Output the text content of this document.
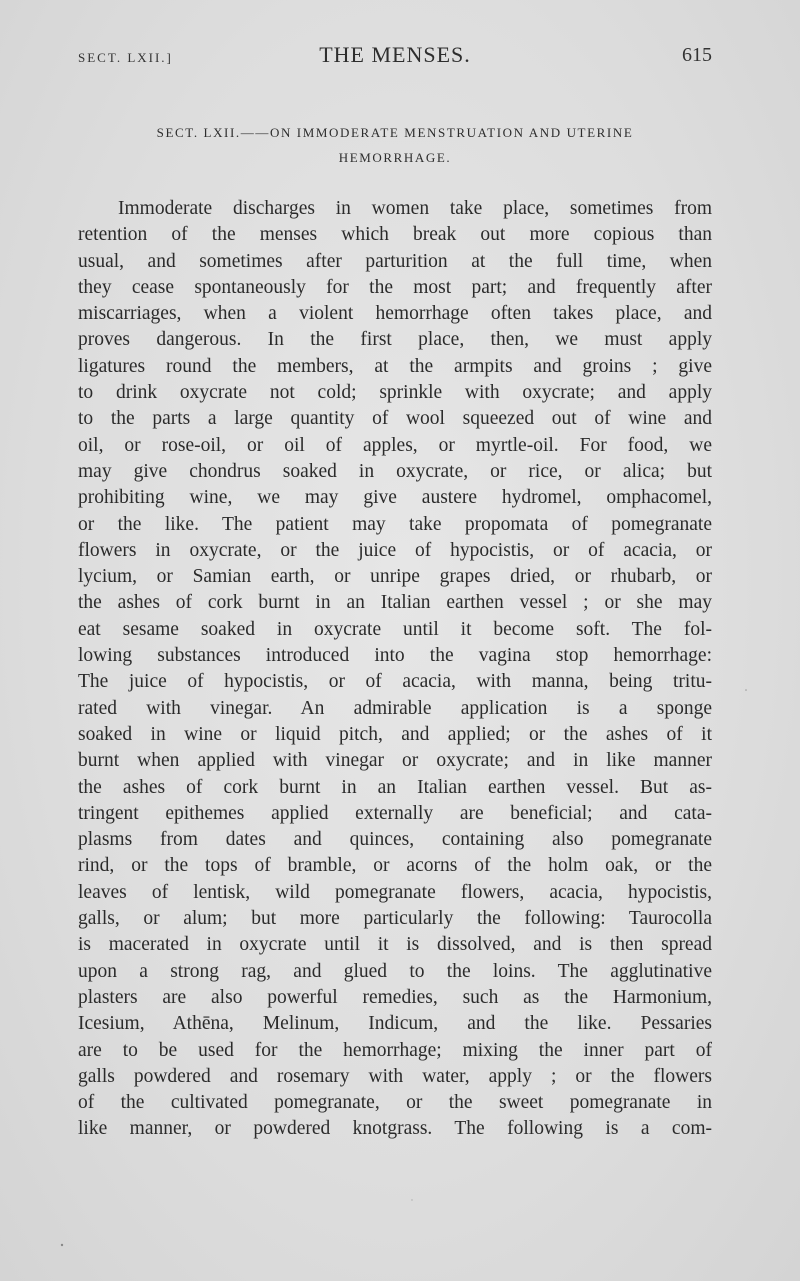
SECT. LXII.]	THE MENSES.	615
SECT. LXII.——ON IMMODERATE MENSTRUATION AND UTERINE
HEMORRHAGE.
Immoderate discharges in women take place, sometimes from
retention of the menses which break out more copious than
usual, and sometimes after parturition at the full time, when
they cease spontaneously for the most part; and frequently after
miscarriages, when a violent hemorrhage often takes place, and
proves dangerous. In the first place, then, we must apply
ligatures round the members, at the armpits and groins ; give
to drink oxycrate not cold; sprinkle with oxycrate; and apply
to the parts a large quantity of wool squeezed out of wine and
oil, or rose-oil, or oil of apples, or myrtle-oil. For food, we
may give chondrus soaked in oxycrate, or rice, or alica; but
prohibiting wine, we may give austere hydromel, omphacomel,
or the like. The patient may take propomata of pomegranate
flowers in oxycrate, or the juice of hypocistis, or of acacia, or
lycium, or Samian earth, or unripe grapes dried, or rhubarb, or
the ashes of cork burnt in an Italian earthen vessel ; or she may
eat sesame soaked in oxycrate until it become soft. The fol-
lowing substances introduced into the vagina stop hemorrhage:
The juice of hypocistis, or of acacia, with manna, being tritu-
rated with vinegar. An admirable application is a sponge
soaked in wine or liquid pitch, and applied; or the ashes of it
burnt when applied with vinegar or oxycrate; and in like manner
the ashes of cork burnt in an Italian earthen vessel. But as-
tringent epithemes applied externally are beneficial; and cata-
plasms from dates and quinces, containing also pomegranate
rind, or the tops of bramble, or acorns of the holm oak, or the
leaves of lentisk, wild pomegranate flowers, acacia, hypocistis,
galls, or alum; but more particularly the following: Taurocolla
is macerated in oxycrate until it is dissolved, and is then spread
upon a strong rag, and glued to the loins. The agglutinative
plasters are also powerful remedies, such as the Harmonium,
Icesium, Athēna, Melinum, Indicum, and the like. Pessaries
are to be used for the hemorrhage; mixing the inner part of
galls powdered and rosemary with water, apply ; or the flowers
of the cultivated pomegranate, or the sweet pomegranate in
like manner, or powdered knotgrass. The following is a com-
